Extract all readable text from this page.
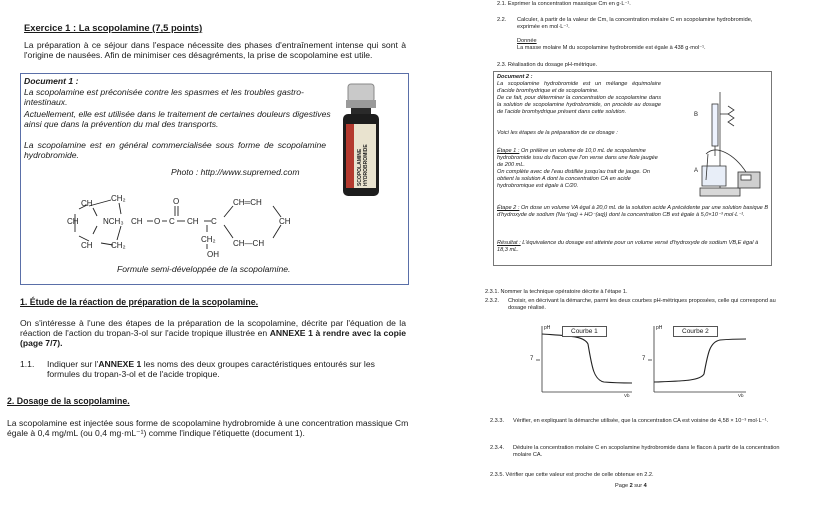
Exercice 1 : La scopolamine (7,5 points)
La préparation à ce séjour dans l'espace nécessite des phases d'entraînement intense qui sont à l'origine de nausées. Afin de minimiser ces désagréments, la prise de scopolamine est utile.
Document 1 :
La scopolamine est préconisée contre les spasmes et les troubles gastro-intestinaux.
Actuellement, elle est utilisée dans le traitement de certaines douleurs digestives ainsi que dans la prévention du mal des transports.
La scopolamine est en général commercialisée sous forme de scopolamine hydrobromide.
Photo : http://www.supremed.com	SCOPOLAMINE HYDROBROMIDE
CH₂
CH
CH
CH CH₂
NCH₃ CH O C
O
CH C
CH₂
OH
CH═CH
CH
CH—CH
Formule semi-développée de la scopolamine.
1. Étude de la réaction de préparation de la scopolamine.
On s'intéresse à l'une des étapes de la préparation de la scopolamine, décrite par l'équation de la réaction de l'action du tropan-3-ol sur l'acide tropique illustrée en ANNEXE 1 à rendre avec la copie (page 7/7).
1.1. Indiquer sur l'ANNEXE 1 les noms des deux groupes caractéristiques entourés sur les formules du tropan-3-ol et de l'acide tropique.
2. Dosage de la scopolamine.
La scopolamine est injectée sous forme de scopolamine hydrobromide à une concentration massique Cm égale à 0,4 mg/mL (ou 0,4 mg·mL⁻¹) comme l'indique l'étiquette (document 1).
2.1. Exprimer la concentration massique Cm en g·L⁻¹.
2.2. Calculer, à partir de la valeur de Cm, la concentration molaire C en scopolamine hydrobromide, exprimée en mol·L⁻¹.
Donnée
La masse molaire M du scopolamine hydrobromide est égale à 438 g·mol⁻¹.
2.3. Réalisation du dosage pH-métrique.
Document 2 :
La scopolamine hydrobromide est un mélange équimolaire d'acide bromhydrique et de scopolamine.
De ce fait, pour déterminer la concentration de scopolamine dans la solution de scopolamine hydrobromide, on procède au dosage de l'acide bromhydrique présent dans cette solution.
Voici les étapes de la préparation de ce dosage :
Étape 1 : On prélève un volume de 10,0 mL de scopolamine hydrobromide issu du flacon que l'on verse dans une fiole jaugée de 200 mL.
On complète avec de l'eau distillée jusqu'au trait de jauge. On obtient la solution A dont la concentration CA en acide hydrobromique est égale à C/20.
Étape 2 : On dose un volume VA égal à 20,0 mL de la solution acide A précédente par une solution basique B d'hydroxyde de sodium (Na⁺(aq) + HO⁻(aq)) dont la concentration CB est égale à 5,0×10⁻³ mol·L⁻¹.
Résultat : L'équivalence du dosage est atteinte pour un volume versé d'hydroxyde de sodium VB,E égal à 18,3 mL.
B
A
2.3.1. Nommer la technique opératoire décrite à l'étape 1.
2.3.2. Choisir, en décrivant la démarche, parmi les deux courbes pH-métriques proposées, celle qui correspond au dosage réalisé.
pH
Vb
7
Courbe 1	pH
Vb
7
Courbe 2
2.3.3. Vérifier, en expliquant la démarche utilisée, que la concentration CA est voisine de 4,58 × 10⁻³ mol·L⁻¹.
2.3.4. Déduire la concentration molaire C en scopolamine hydrobromide dans le flacon à partir de la concentration molaire CA.
2.3.5. Vérifier que cette valeur est proche de celle obtenue en 2.2.
Page 2 sur 4
